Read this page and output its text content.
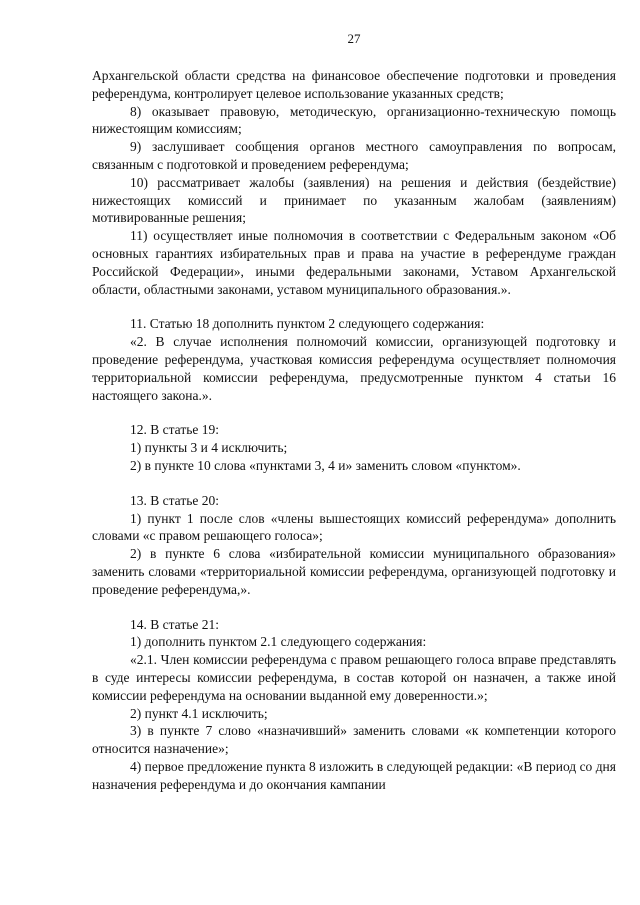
27

Архангельской области средства на финансовое обеспечение подготовки и проведения референдума, контролирует целевое использование указанных средств;

8) оказывает правовую, методическую, организационно-техническую помощь нижестоящим комиссиям;

9) заслушивает сообщения органов местного самоуправления по вопросам, связанным с подготовкой и проведением референдума;

10) рассматривает жалобы (заявления) на решения и действия (бездействие) нижестоящих комиссий и принимает по указанным жалобам (заявлениям) мотивированные решения;

11) осуществляет иные полномочия в соответствии с Федеральным законом «Об основных гарантиях избирательных прав и права на участие в референдуме граждан Российской Федерации», иными федеральными законами, Уставом Архангельской области, областными законами, уставом муниципального образования.».

11. Статью 18 дополнить пунктом 2 следующего содержания:

«2. В случае исполнения полномочий комиссии, организующей подготовку и проведение референдума, участковая комиссия референдума осуществляет полномочия территориальной комиссии референдума, предусмотренные пунктом 4 статьи 16 настоящего закона.».

12. В статье 19:

1) пункты 3 и 4 исключить;

2) в пункте 10 слова «пунктами 3, 4 и» заменить словом «пунктом».

13. В статье 20:

1) пункт 1 после слов «члены вышестоящих комиссий референдума» дополнить словами «с правом решающего голоса»;

2) в пункте 6 слова «избирательной комиссии муниципального образования» заменить словами «территориальной комиссии референдума, организующей подготовку и проведение референдума,».

14. В статье 21:

1) дополнить пунктом 2.1 следующего содержания:

«2.1. Член комиссии референдума с правом решающего голоса вправе представлять в суде интересы комиссии референдума, в состав которой он назначен, а также иной комиссии референдума на основании выданной ему доверенности.»;

2) пункт 4.1 исключить;

3) в пункте 7 слово «назначивший» заменить словами «к компетенции которого относится назначение»;

4) первое предложение пункта 8 изложить в следующей редакции: «В период со дня назначения референдума и до окончания кампании
